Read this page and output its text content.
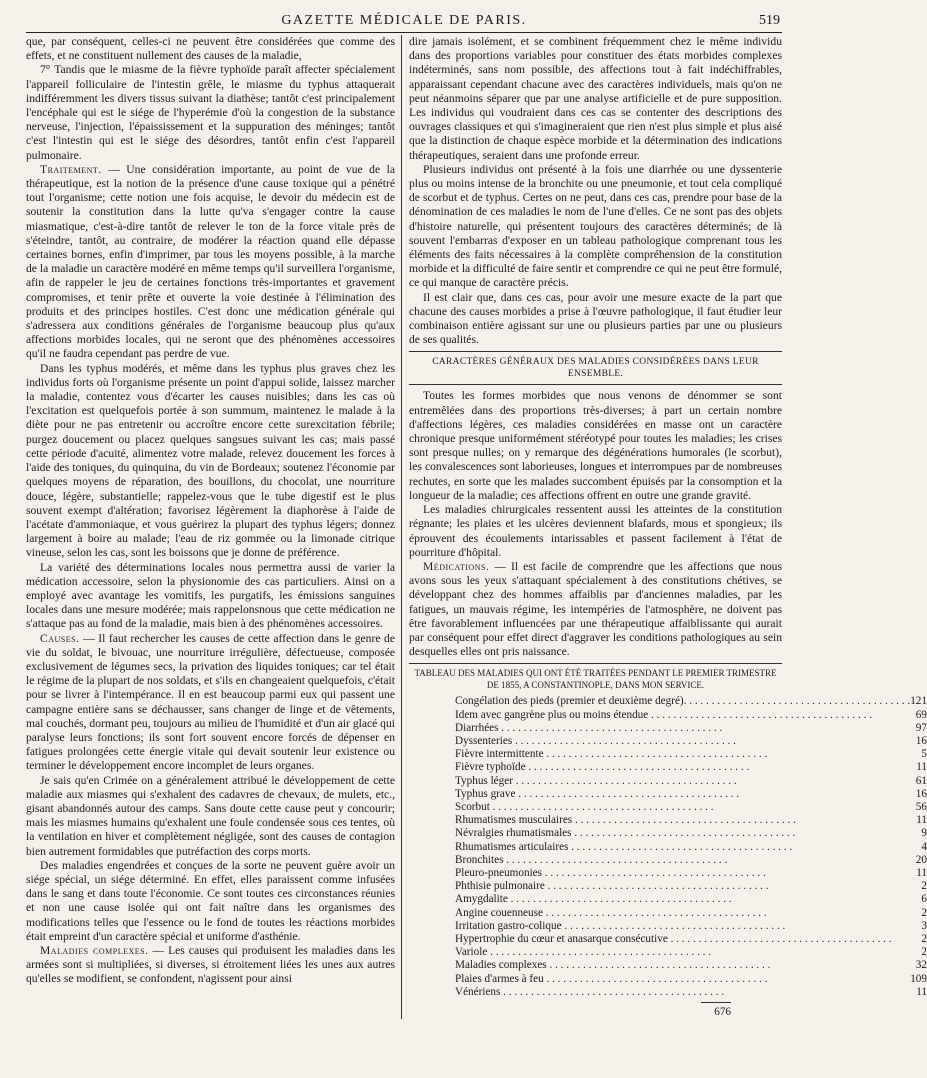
GAZETTE MÉDICALE DE PARIS.	519

que, par conséquent, celles-ci ne peuvent être considérées que comme des effets, et ne constituent nullement des causes de la maladie,

7° Tandis que le miasme de la fièvre typhoïde paraît affecter spécialement l'appareil folliculaire de l'intestin grêle, le miasme du typhus attaquerait indifféremment les divers tissus suivant la diathèse; tantôt c'est principalement l'encéphale qui est le siége de l'hyperémie d'où la congestion de la substance nerveuse, l'injection, l'épaississement et la suppuration des méninges; tantôt c'est l'intestin qui est le siége des désordres, tantôt enfin c'est l'appareil pulmonaire.

Traitement. — Une considération importante, au point de vue de la thérapeutique, est la notion de la présence d'une cause toxique qui a pénétré tout l'organisme; cette notion une fois acquise, le devoir du médecin est de soutenir la constitution dans la lutte qu'va s'engager contre la cause miasmatique, c'est-à-dire tantôt de relever le ton de la force vitale près de s'éteindre, tantôt, au contraire, de modérer la réaction quand elle dépasse certaines bornes, enfin d'imprimer, par tous les moyens possible, à la marche de la maladie un caractère modéré en même temps qu'il surveillera l'organisme, afin de rappeler le jeu de certaines fonctions très-importantes et gravement compromises, et tenir prête et ouverte la voie destinée à l'élimination des produits et des principes hostiles. C'est donc une médication générale qui s'adressera aux conditions générales de l'organisme beaucoup plus qu'aux affections morbides locales, qui ne seront que des phénomènes accessoires qu'il ne faudra cependant pas perdre de vue.

Dans les typhus modérés, et même dans les typhus plus graves chez les individus forts où l'organisme présente un point d'appui solide, laissez marcher la maladie, contentez vous d'écarter les causes nuisibles; dans les cas où l'excitation est quelquefois portée à son summum, maintenez le malade à la diète pour ne pas entretenir ou accroître encore cette surexcitation fébrile; purgez doucement ou placez quelques sangsues suivant les cas; mais passé cette période d'acuité, alimentez votre malade, relevez doucement les forces à l'aide des toniques, du quinquina, du vin de Bordeaux; soutenez l'économie par quelques moyens de réparation, des bouillons, du chocolat, une nourriture douce, légère, substantielle; rappelez-vous que le tube digestif est le plus souvent exempt d'altération; favorisez légèrement la diaphorèse à l'aide de l'acétate d'ammoniaque, et vous guérirez la plupart des typhus légers; donnez largement à boire au malade; l'eau de riz gommée ou la limonade citrique vineuse, selon les cas, sont les boissons que je donne de préférence.

La variété des déterminations locales nous permettra aussi de varier la médication accessoire, selon la physionomie des cas particuliers. Ainsi on a employé avec avantage les vomitifs, les purgatifs, les émissions sanguines locales dans une mesure modérée; mais rappelonsnous que cette médication ne s'attaque pas au fond de la maladie, mais bien à des phénomènes accessoires.

Causes. — Il faut rechercher les causes de cette affection dans le genre de vie du soldat, le bivouac, une nourriture irrégulière, défectueuse, composée exclusivement de légumes secs, la privation des liquides toniques; car tel était le régime de la plupart de nos soldats, et s'ils en changeaient quelquefois, c'était pour se livrer à l'intempérance. Il en est beaucoup parmi eux qui passent une campagne entière sans se déchausser, sans changer de linge et de vêtements, mal couchés, dormant peu, toujours au milieu de l'humidité et d'un air glacé qui paralyse leurs fonctions; ils sont fort souvent encore forcés de dépenser en fatigues prolongées cette énergie vitale qui devait soutenir leur existence ou terminer le développement encore incomplet de leurs organes.

Je sais qu'en Crimée on a généralement attribué le développement de cette maladie aux miasmes qui s'exhalent des cadavres de chevaux, de mulets, etc., gisant abandonnés autour des camps. Sans doute cette cause peut y concourir; mais les miasmes humains qu'exhalent une foule condensée sous ces tentes, où la ventilation en hiver et complètement négligée, sont des causes de contagion bien autrement formidables que putréfaction des corps morts.

Des maladies engendrées et conçues de la sorte ne peuvent guère avoir un siége spécial, un siége déterminé. En effet, elles paraissent comme infusées dans le sang et dans toute l'économie. Ce sont toutes ces circonstances réunies et non une cause isolée qui ont fait naître dans les organismes des modifications telles que l'essence ou le fond de toutes les réactions morbides était empreint d'un caractère spécial et uniforme d'asthénie.

Maladies complexes. — Les causes qui produisent les maladies dans les armées sont si multipliées, si diverses, si étroitement liées les unes aux autres qu'elles se modifient, se confondent, n'agissent pour ainsi

dire jamais isolément, et se combinent fréquemment chez le même individu dans des proportions variables pour constituer des états morbides complexes indéterminés, sans nom possible, des affections tout à fait indéchiffrables, apparaissant cependant chacune avec des caractères individuels, mais qu'on ne peut néanmoins séparer que par une analyse artificielle et de pure supposition. Les individus qui voudraient dans ces cas se contenter des descriptions des ouvrages classiques et qui s'imagineraient que rien n'est plus simple et plus aisé que la distinction de chaque espèce morbide et la détermination des indications thérapeutiques, seraient dans une profonde erreur.

Plusieurs individus ont présenté à la fois une diarrhée ou une dyssenterie plus ou moins intense de la bronchite ou une pneumonie, et tout cela compliqué de scorbut et de typhus. Certes on ne peut, dans ces cas, prendre pour base de la dénomination de ces maladies le nom de l'une d'elles. Ce ne sont pas des objets d'histoire naturelle, qui présentent toujours des caractères déterminés; de là souvent l'embarras d'exposer en un tableau pathologique comprenant tous les éléments des faits nécessaires à la complète compréhension de la constitution morbide et la difficulté de faire sentir et comprendre ce qui ne peut être formulé, ce qui manque de caractère précis.

Il est clair que, dans ces cas, pour avoir une mesure exacte de la part que chacune des causes morbides a prise à l'œuvre pathologique, il faut étudier leur combinaison entière agissant sur une ou plusieurs parties par une ou plusieurs de ses qualités.

CARACTÈRES GÉNÉRAUX DES MALADIES CONSIDÉRÉES DANS LEUR ENSEMBLE.

Toutes les formes morbides que nous venons de dénommer se sont entremêlées dans des proportions très-diverses; à part un certain nombre d'affections légères, ces maladies considérées en masse ont un caractère chronique presque uniformément stéréotypé pour toutes les maladies; les crises sont presque nulles; on y remarque des dégénérations humorales (le scorbut), les convalescences sont laborieuses, longues et interrompues par de nombreuses rechutes, en sorte que les malades succombent épuisés par la consomption et la longueur de la maladie; ces affections offrent en outre une grande gravité.

Les maladies chirurgicales ressentent aussi les atteintes de la constitution régnante; les plaies et les ulcères deviennent blafards, mous et spongieux; ils éprouvent des écoulements intarissables et passent facilement à l'état de pourriture d'hôpital.

Médications. — Il est facile de comprendre que les affections que nous avons sous les yeux s'attaquant spécialement à des constitutions chétives, se développant chez des hommes affaiblis par d'anciennes maladies, par les fatigues, un mauvais régime, les intempéries de l'atmosphère, ne doivent pas être favorablement influencées par une thérapeutique affaiblissante qui aurait par conséquent pour effet direct d'aggraver les conditions pathologiques au sein desquelles elles ont pris naissance.

TABLEAU DES MALADIES QUI ONT ÉTÉ TRAITÉES PENDANT LE PREMIER TRIMESTRE
DE 1855, A CONSTANTINOPLE, DANS MON SERVICE.
Congélation des pieds (premier et deuxième degré). . . .	121
Idem avec gangrène plus ou moins étendue . . .	69
Diarrhées . . .	97
Dyssenteries . . .	16
Fièvre intermittente . . .	5
Fièvre typhoïde . . .	11
Typhus léger . . .	61
Typhus grave . . .	16
Scorbut . . .	56
Rhumatismes musculaires . . .	11
Névralgies rhumatismales . . .	9
Rhumatismes articulaires . . .	4
Bronchites . . .	20
Pleuro-pneumonies . . .	11
Phthisie pulmonaire . . .	2
Amygdalite . . .	6
Angine couenneuse . . .	2
Irritation gastro-colique . . .	3
Hypertrophie du cœur et anasarque consécutive . . .	2
Variole . . .	2
Maladies complexes . . .	32
Plaies d'armes à feu . . .	109
Vénériens . . .	11
676
